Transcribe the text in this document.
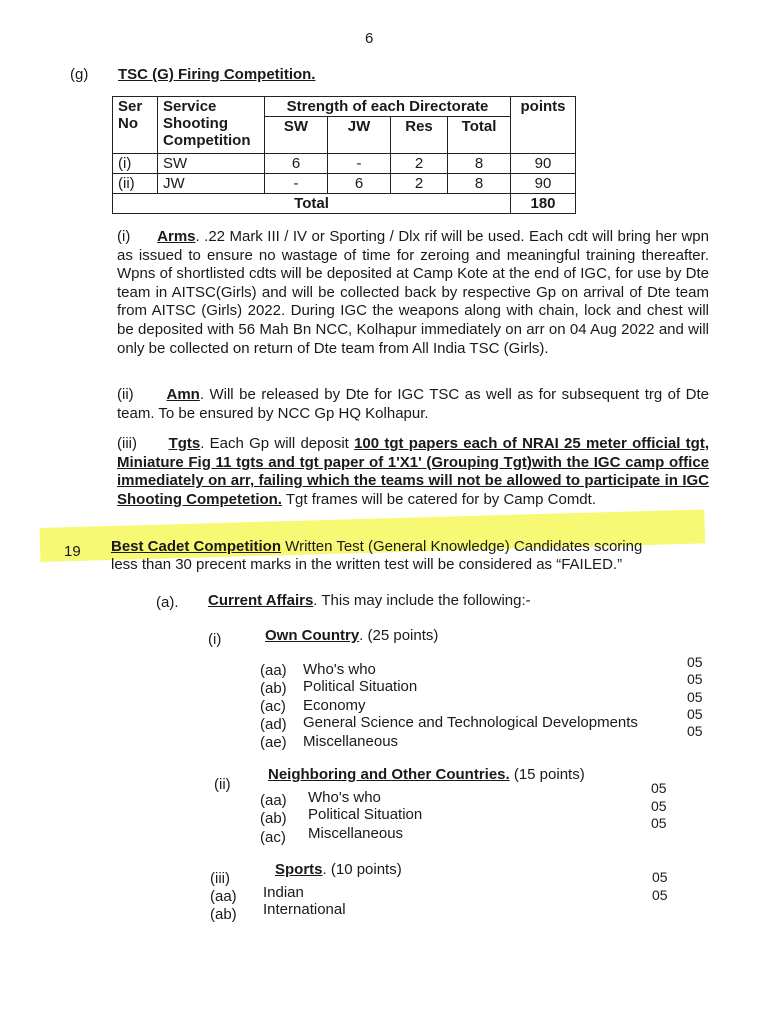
6
(g) TSC (G) Firing Competition.
Ser No	Service Shooting Competition	Strength of each Directorate				points
		SW	JW	Res	Total	
(i)	SW	6	-	2	8	90
(ii)	JW	-	6	2	8	90
Total						180
(i) Arms. .22 Mark III / IV or Sporting / Dlx rif will be used. Each cdt will bring her wpn as issued to ensure no wastage of time for zeroing and meaningful training thereafter. Wpns of shortlisted cdts will be deposited at Camp Kote at the end of IGC, for use by Dte team in AITSC(Girls) and will be collected back by respective Gp on arrival of Dte team from AITSC (Girls) 2022. During IGC the weapons along with chain, lock and chest will be deposited with 56 Mah Bn NCC, Kolhapur immediately on arr on 04 Aug 2022 and will only be collected on return of Dte team from All India TSC (Girls).
(ii) Amn. Will be released by Dte for IGC TSC as well as for subsequent trg of Dte team. To be ensured by NCC Gp HQ Kolhapur.
(iii) Tgts. Each Gp will deposit 100 tgt papers each of NRAI 25 meter official tgt, Miniature Fig 11 tgts and tgt paper of 1'X1' (Grouping Tgt)with the IGC camp office immediately on arr, failing which the teams will not be allowed to participate in IGC Shooting Competetion. Tgt frames will be catered for by Camp Comdt.
19 Best Cadet Competition Written Test (General Knowledge) Candidates scoring
less than 30 precent marks in the written test will be considered as “FAILED.”
(a). Current Affairs. This may include the following:-
(i)	Own Country. (25 points)
(aa) Who's who	05
(ab) Political Situation	05
(ac) Economy	05
(ad) General Science and Technological Developments	05
(ae) Miscellaneous
05
(ii)
Neighboring and Other Countries. (15 points)
(aa) Who's who
05
(ab) Political Situation	05
(ac) Miscellaneous
05
(iii)
Sports. (10 points)
(aa) Indian
05
(ab) International
05
